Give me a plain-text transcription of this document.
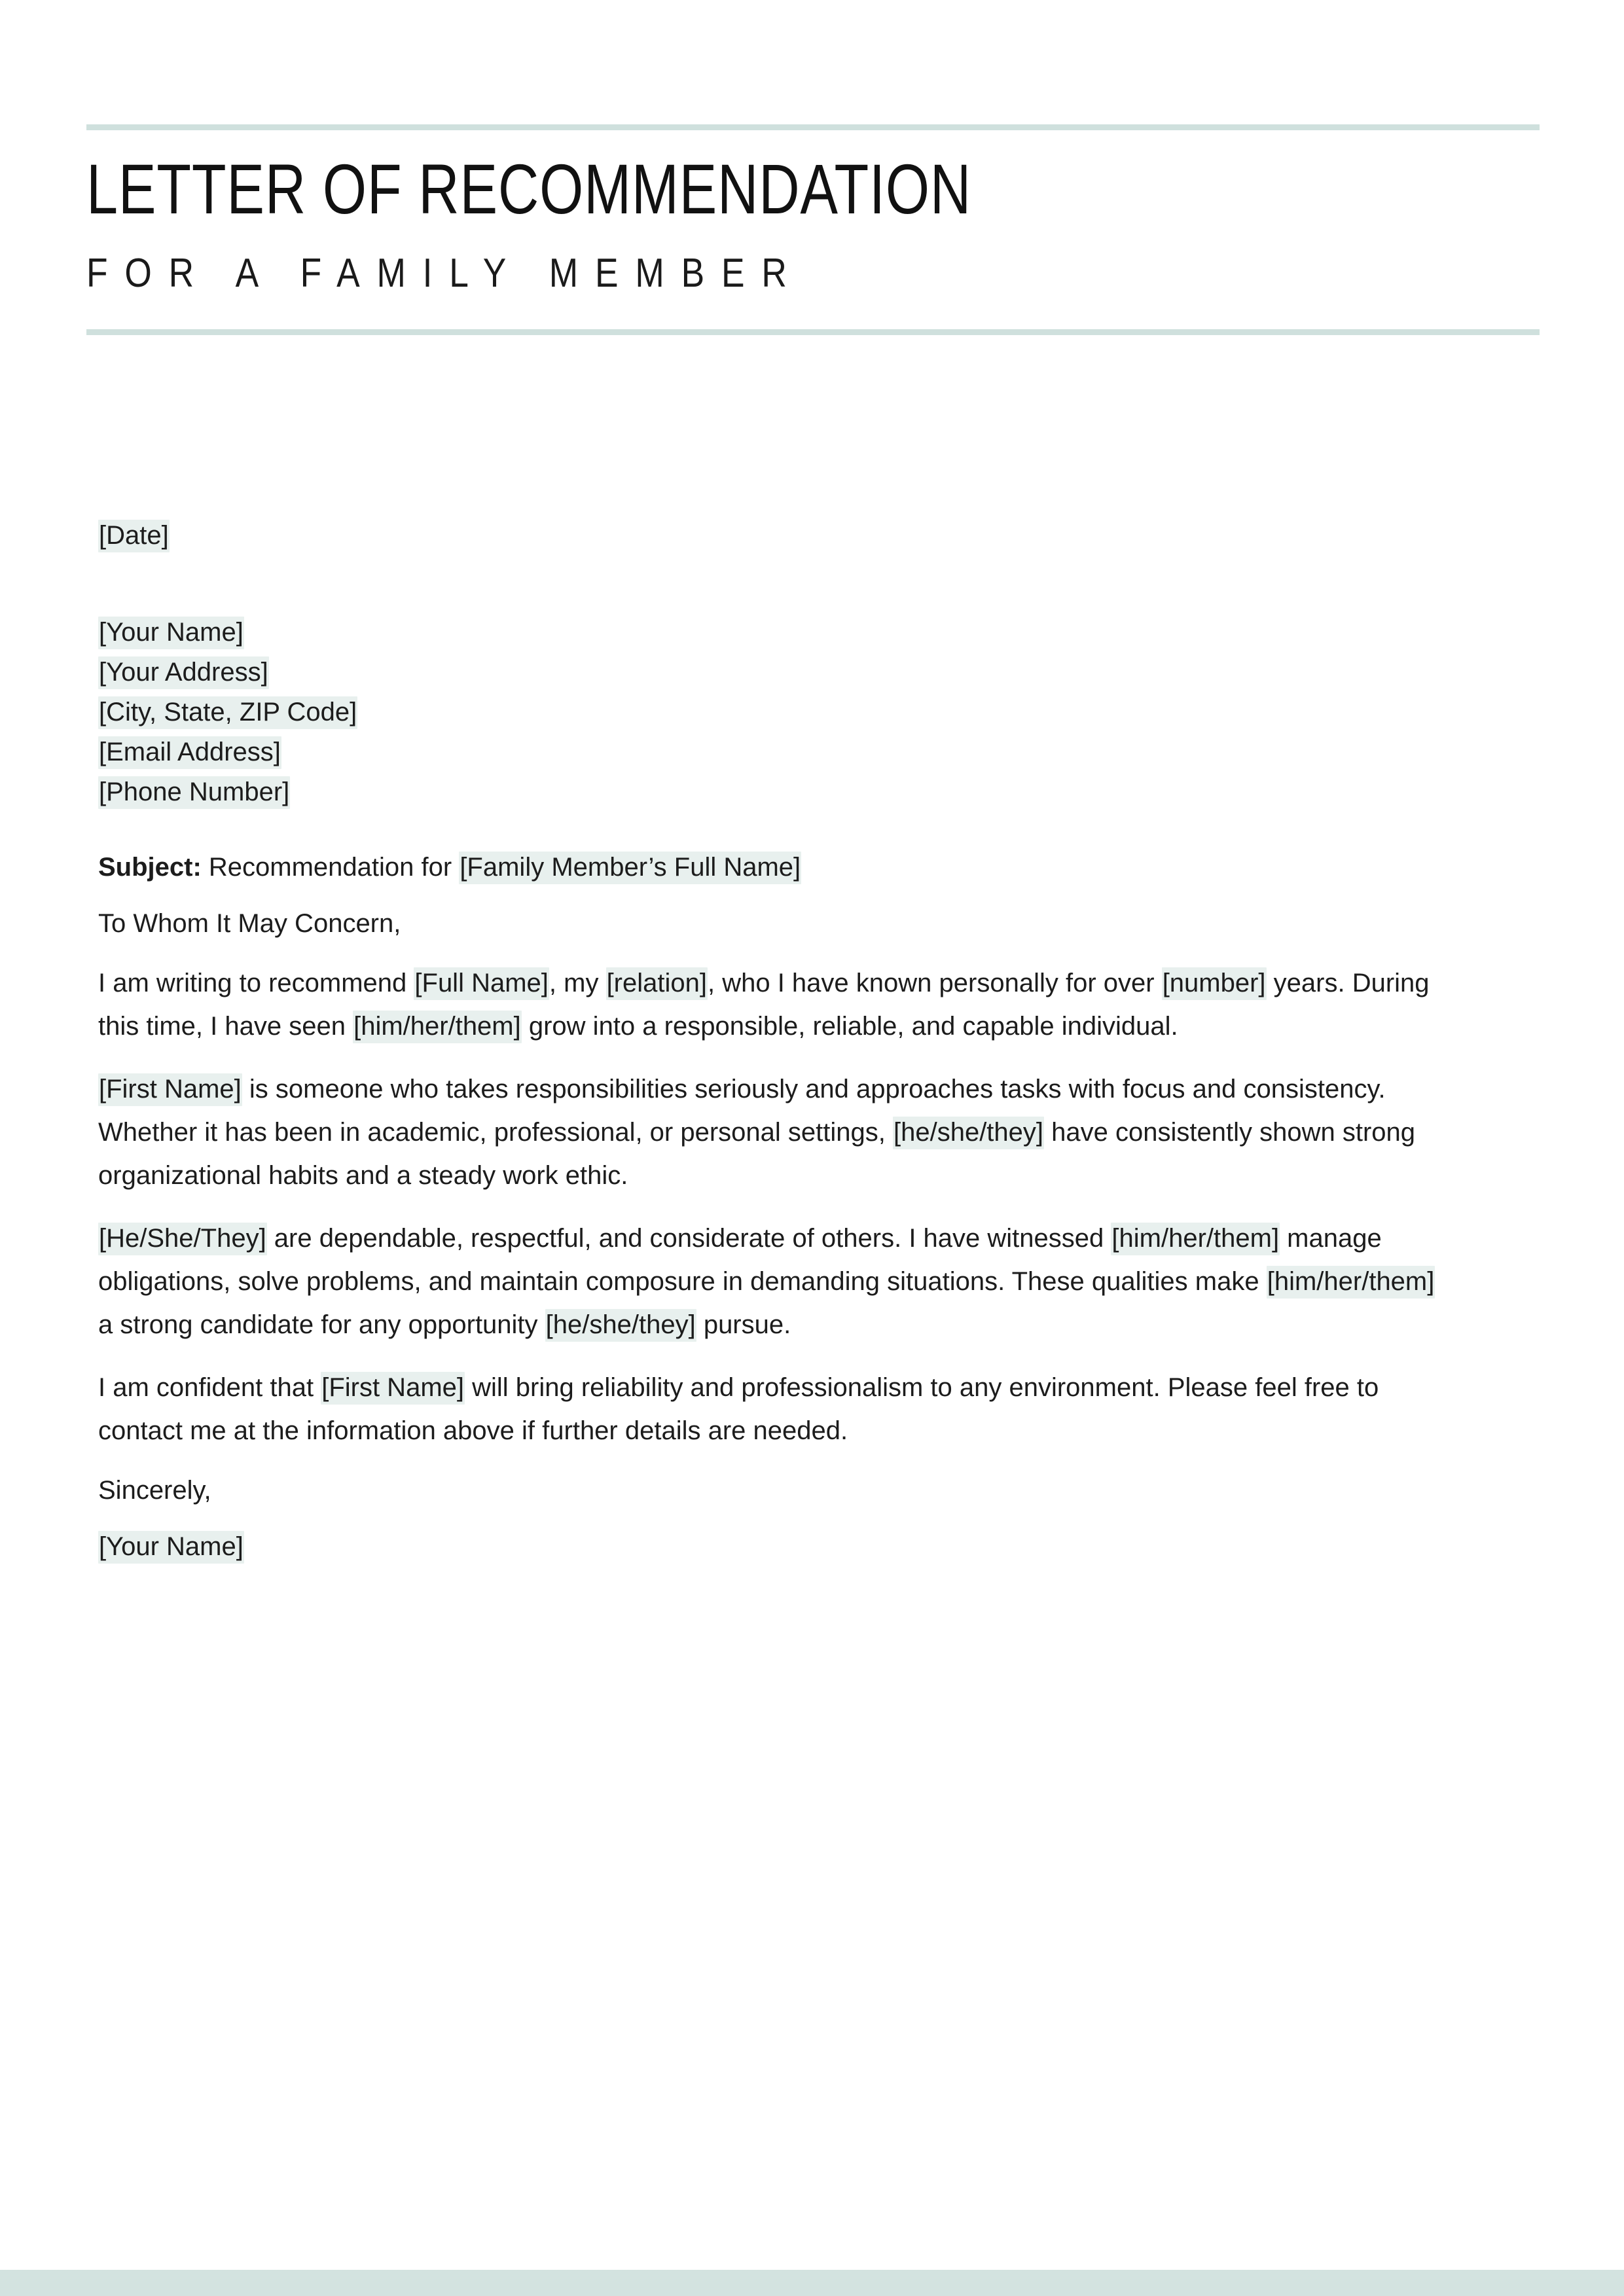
LETTER OF RECOMMENDATION
FOR A FAMILY MEMBER
[Date]
[Your Name]
[Your Address]
[City, State, ZIP Code]
[Email Address]
[Phone Number]
Subject: Recommendation for [Family Member’s Full Name]
To Whom It May Concern,

I am writing to recommend [Full Name], my [relation], who I have known personally for over [number] years. During this time, I have seen [him/her/them] grow into a responsible, reliable, and capable individual.

[First Name] is someone who takes responsibilities seriously and approaches tasks with focus and consistency. Whether it has been in academic, professional, or personal settings, [he/she/they] have consistently shown strong organizational habits and a steady work ethic.

[He/She/They] are dependable, respectful, and considerate of others. I have witnessed [him/her/them] manage obligations, solve problems, and maintain composure in demanding situations. These qualities make [him/her/them] a strong candidate for any opportunity [he/she/they] pursue.

I am confident that [First Name] will bring reliability and professionalism to any environment. Please feel free to contact me at the information above if further details are needed.

Sincerely,
[Your Name]
